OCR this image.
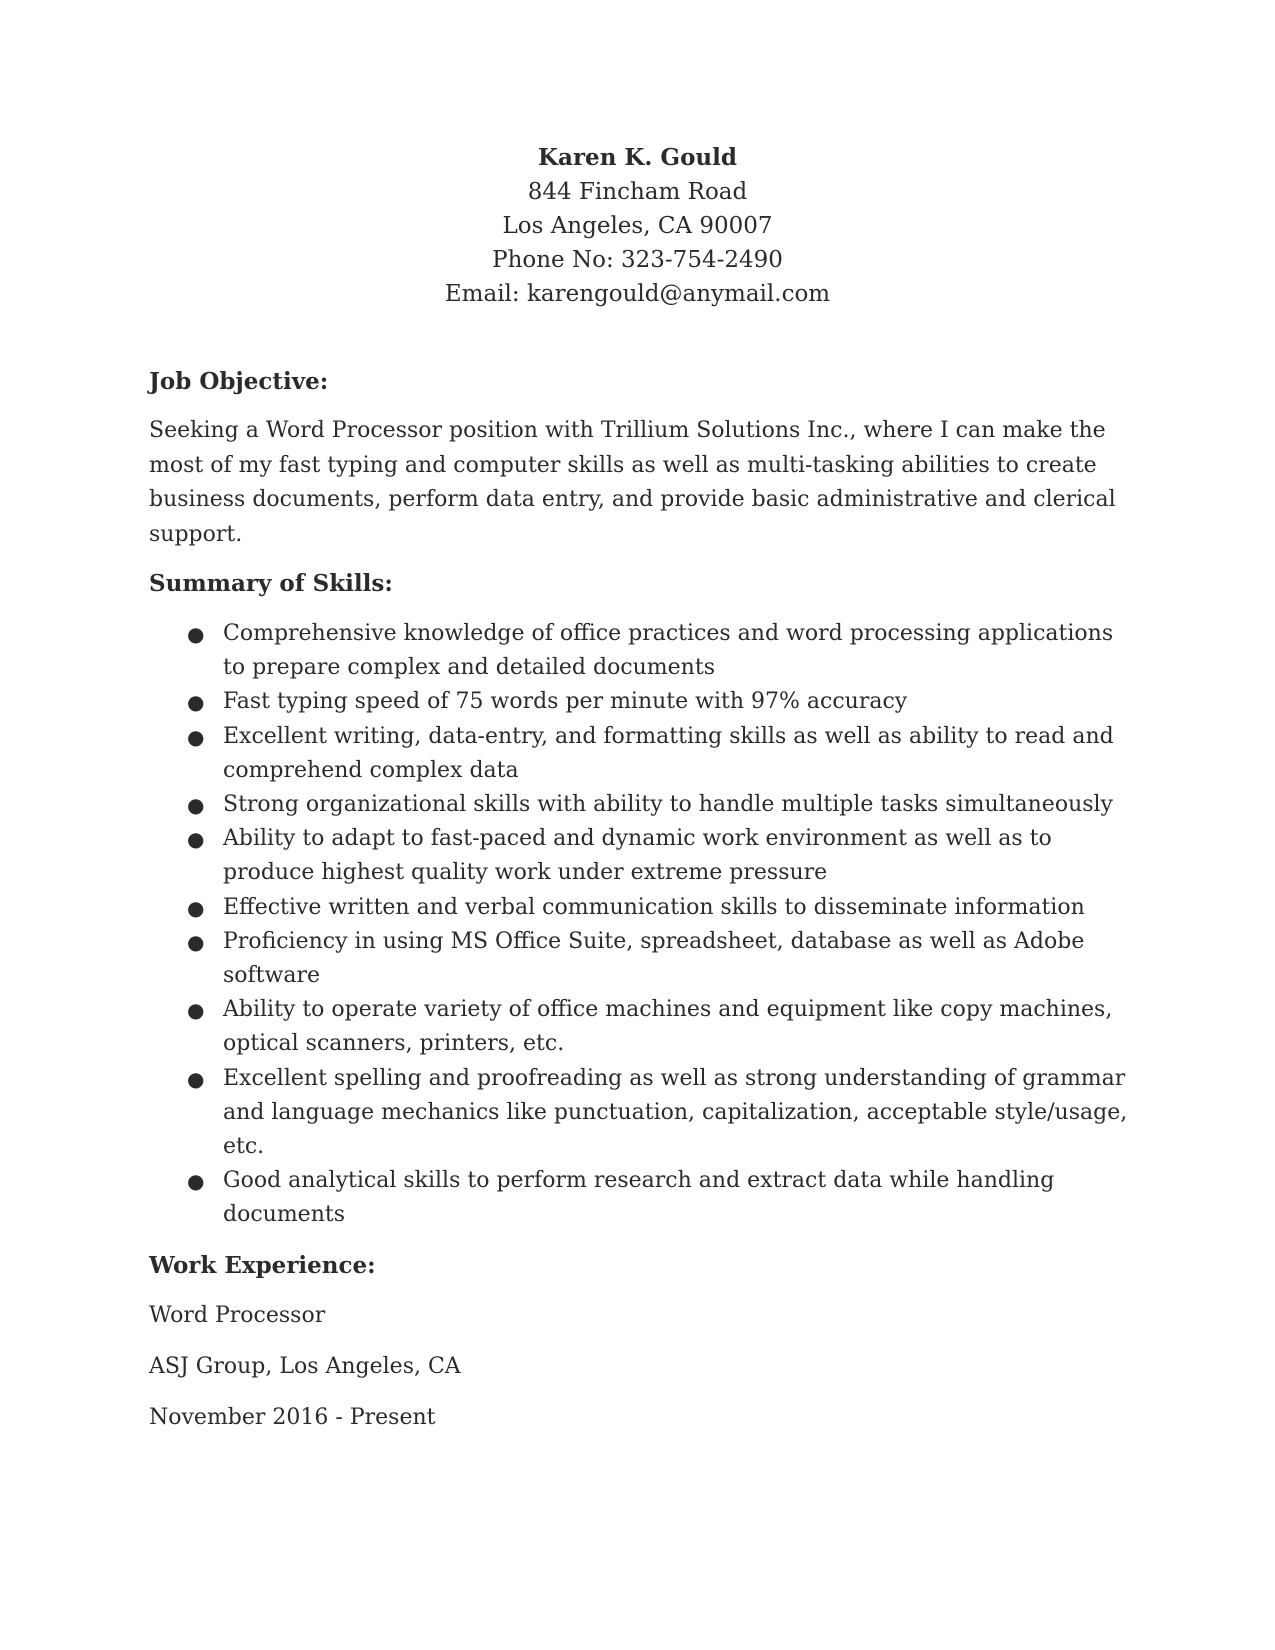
Karen K. Gould
844 Fincham Road
Los Angeles, CA 90007
Phone No: 323-754-2490
Email: karengould@anymail.com
Job Objective:

Seeking a Word Processor position with Trillium Solutions Inc., where I can make the most of my fast typing and computer skills as well as multi-tasking abilities to create business documents, perform data entry, and provide basic administrative and clerical support.

Summary of Skills:
● Comprehensive knowledge of office practices and word processing applications to prepare complex and detailed documents
● Fast typing speed of 75 words per minute with 97% accuracy
● Excellent writing, data-entry, and formatting skills as well as ability to read and comprehend complex data
● Strong organizational skills with ability to handle multiple tasks simultaneously
● Ability to adapt to fast-paced and dynamic work environment as well as to produce highest quality work under extreme pressure
● Effective written and verbal communication skills to disseminate information
● Proficiency in using MS Office Suite, spreadsheet, database as well as Adobe software
● Ability to operate variety of office machines and equipment like copy machines, optical scanners, printers, etc.
● Excellent spelling and proofreading as well as strong understanding of grammar and language mechanics like punctuation, capitalization, acceptable style/usage, etc.
● Good analytical skills to perform research and extract data while handling documents
Work Experience:
Word Processor
ASJ Group, Los Angeles, CA
November 2016 - Present
